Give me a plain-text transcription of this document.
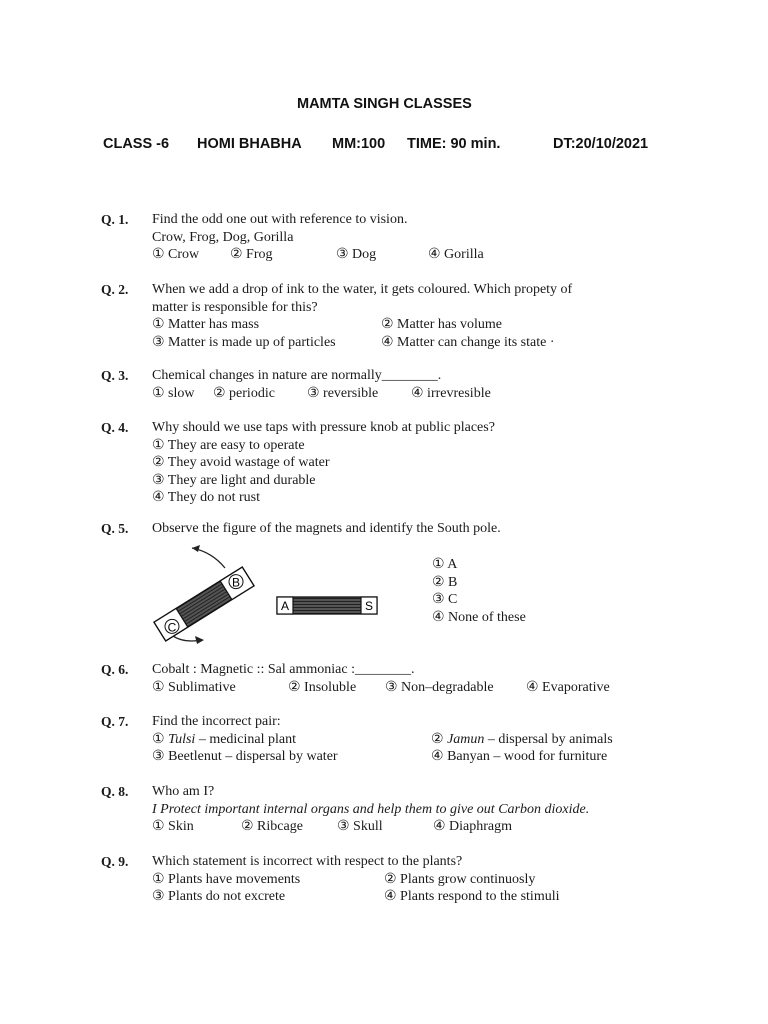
MAMTA SINGH CLASSES
CLASS -6 HOMI BHABHA MM:100 TIME: 90 min.	DT:20/10/2021
Q. 1. Find the odd one out with reference to vision.
Crow, Frog, Dog, Gorilla
① Crow ② Frog	③ Dog	④ Gorilla
Q. 2. When we add a drop of ink to the water, it gets coloured. Which propety of
matter is responsible for this?
① Matter has mass	② Matter has volume
③ Matter is made up of particles	④ Matter can change its state ·
Q. 3. Chemical changes in nature are normally________.
① slow ② periodic ③ reversible ④ irrevresible
Q. 4. Why should we use taps with pressure knob at public places?
① They are easy to operate
② They avoid wastage of water
③ They are light and durable
④ They do not rust
Q. 5. Observe the figure of the magnets and identify the South pole.
B
C
A	S
① A
② B
③ C
④ None of these
Q. 6. Cobalt : Magnetic :: Sal ammoniac :________.
① Sublimative	② Insoluble ③ Non–degradable ④ Evaporative
Q. 7. Find the incorrect pair:
① Tulsi – medicinal plant	② Jamun – dispersal by animals
③ Beetlenut – dispersal by water	④ Banyan – wood for furniture
Q. 8. Who am I?
I Protect important internal organs and help them to give out Carbon dioxide.
① Skin	② Ribcage ③ Skull	④ Diaphragm
Q. 9. Which statement is incorrect with respect to the plants?
① Plants have movements	② Plants grow continuosly
③ Plants do not excrete	④ Plants respond to the stimuli
